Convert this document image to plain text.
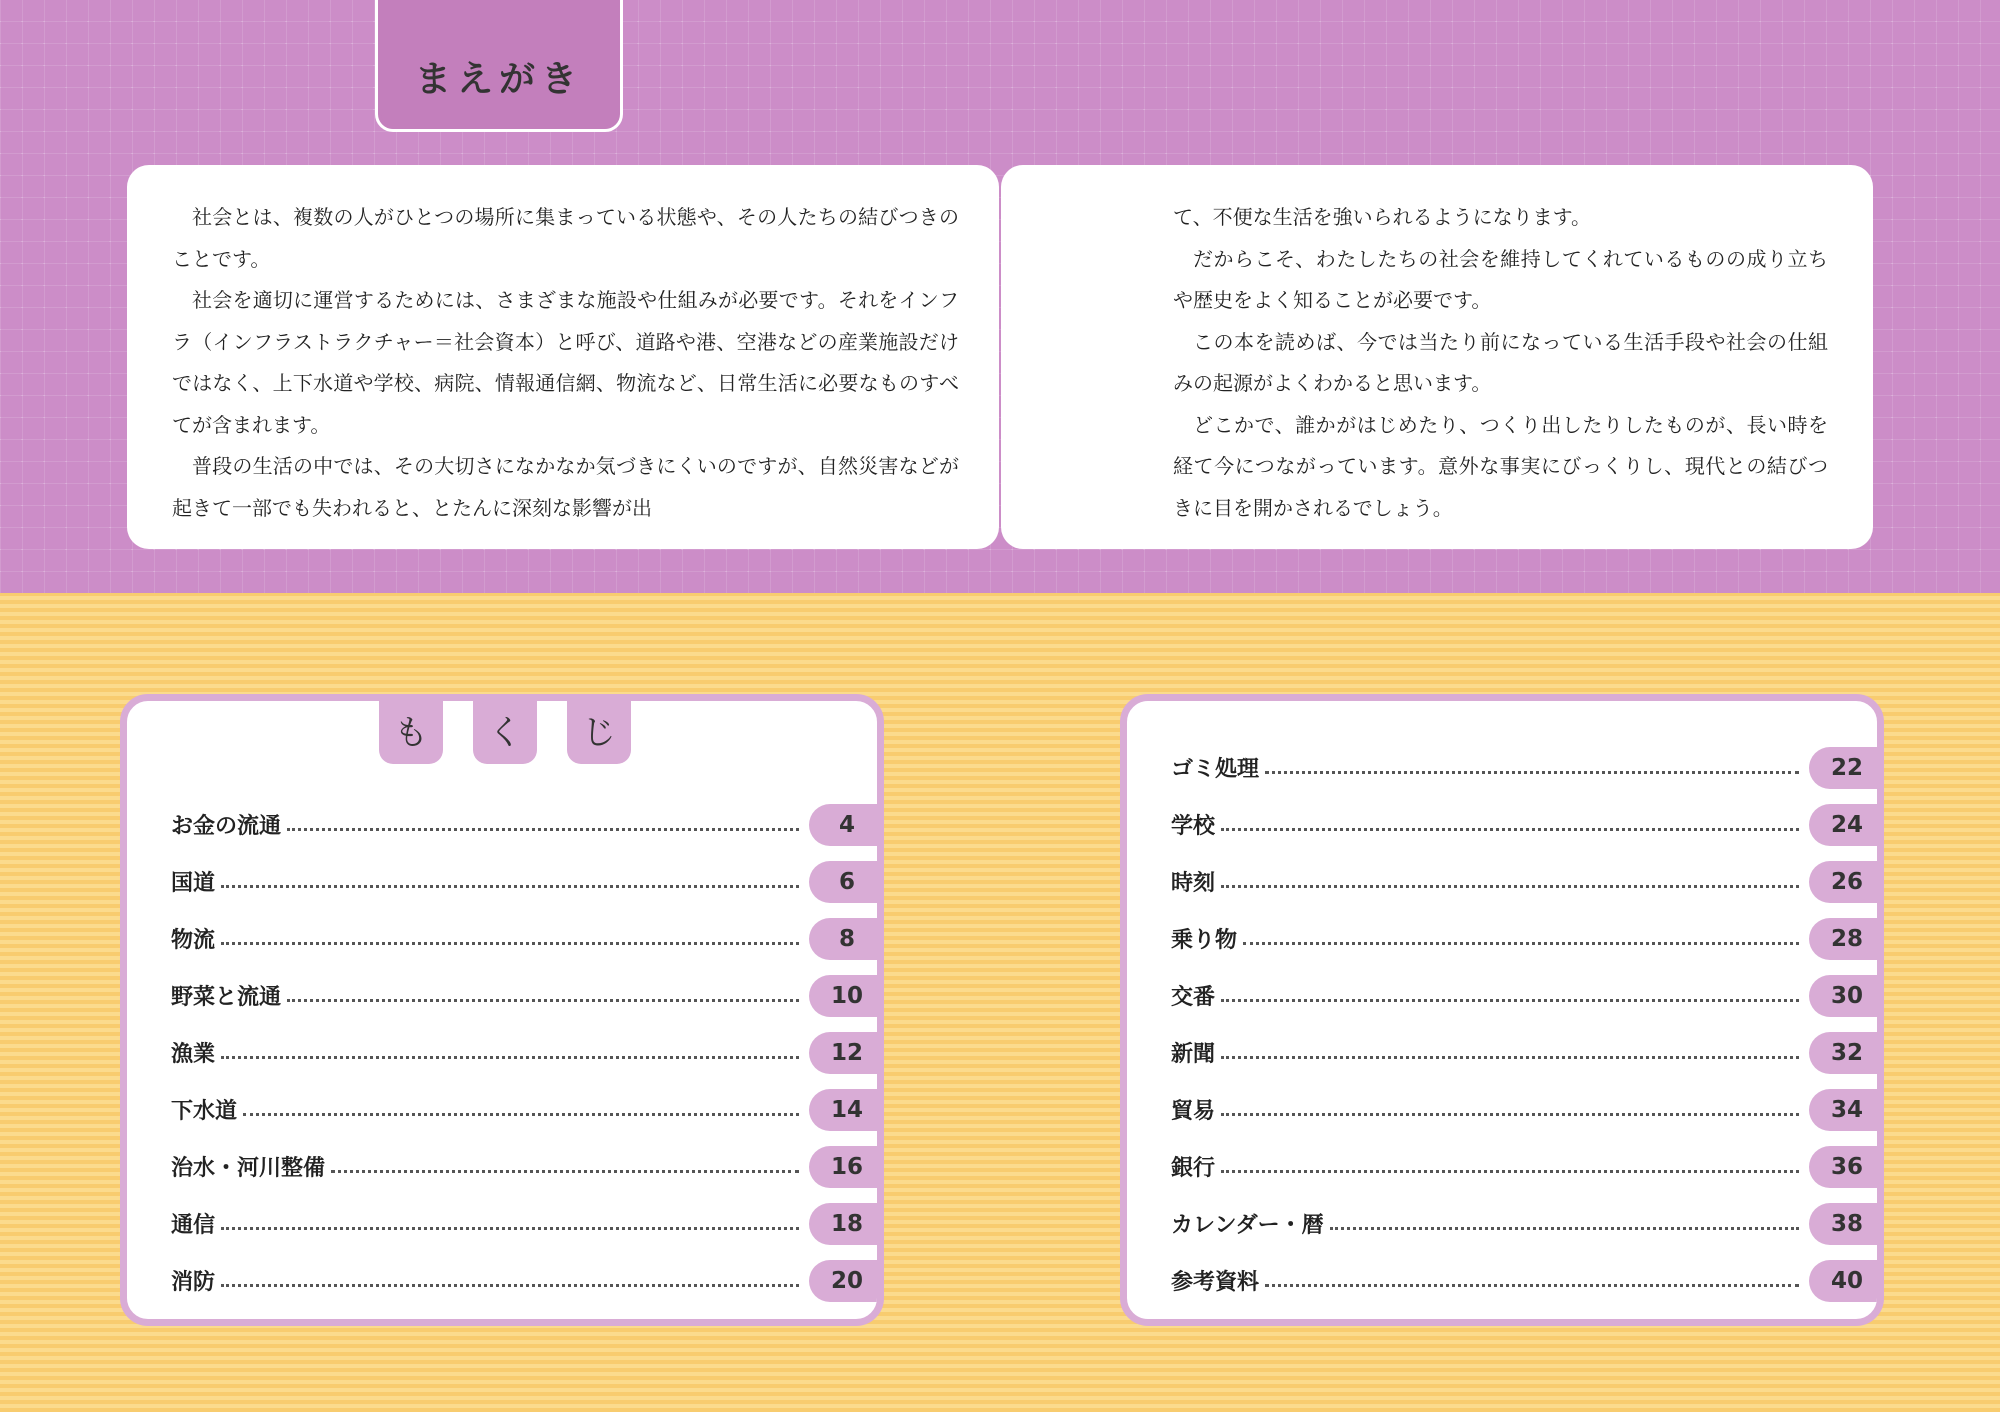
まえがき

社会とは、複数の人がひとつの場所に集まっている状態や、その人たちの結びつきのことです。

社会を適切に運営するためには、さまざまな施設や仕組みが必要です。それをインフラ（インフラストラクチャー＝社会資本）と呼び、道路や港、空港などの産業施設だけではなく、上下水道や学校、病院、情報通信網、物流など、日常生活に必要なものすべてが含まれます。

普段の生活の中では、その大切さになかなか気づきにくいのですが、自然災害などが起きて一部でも失われると、とたんに深刻な影響が出

て、不便な生活を強いられるようになります。

だからこそ、わたしたちの社会を維持してくれているものの成り立ちや歴史をよく知ることが必要です。

この本を読めば、今では当たり前になっている生活手段や社会の仕組みの起源がよくわかると思います。

どこかで、誰かがはじめたり、つくり出したりしたものが、長い時を経て今につながっています。意外な事実にびっくりし、現代との結びつきに目を開かされるでしょう。

も	く	じ
お金の流通	4
国道	6
物流	8
野菜と流通	10
漁業	12
下水道	14
治水・河川整備	16
通信	18
消防	20
ゴミ処理	22
学校	24
時刻	26
乗り物	28
交番	30
新聞	32
貿易	34
銀行	36
カレンダー・暦	38
参考資料	40
